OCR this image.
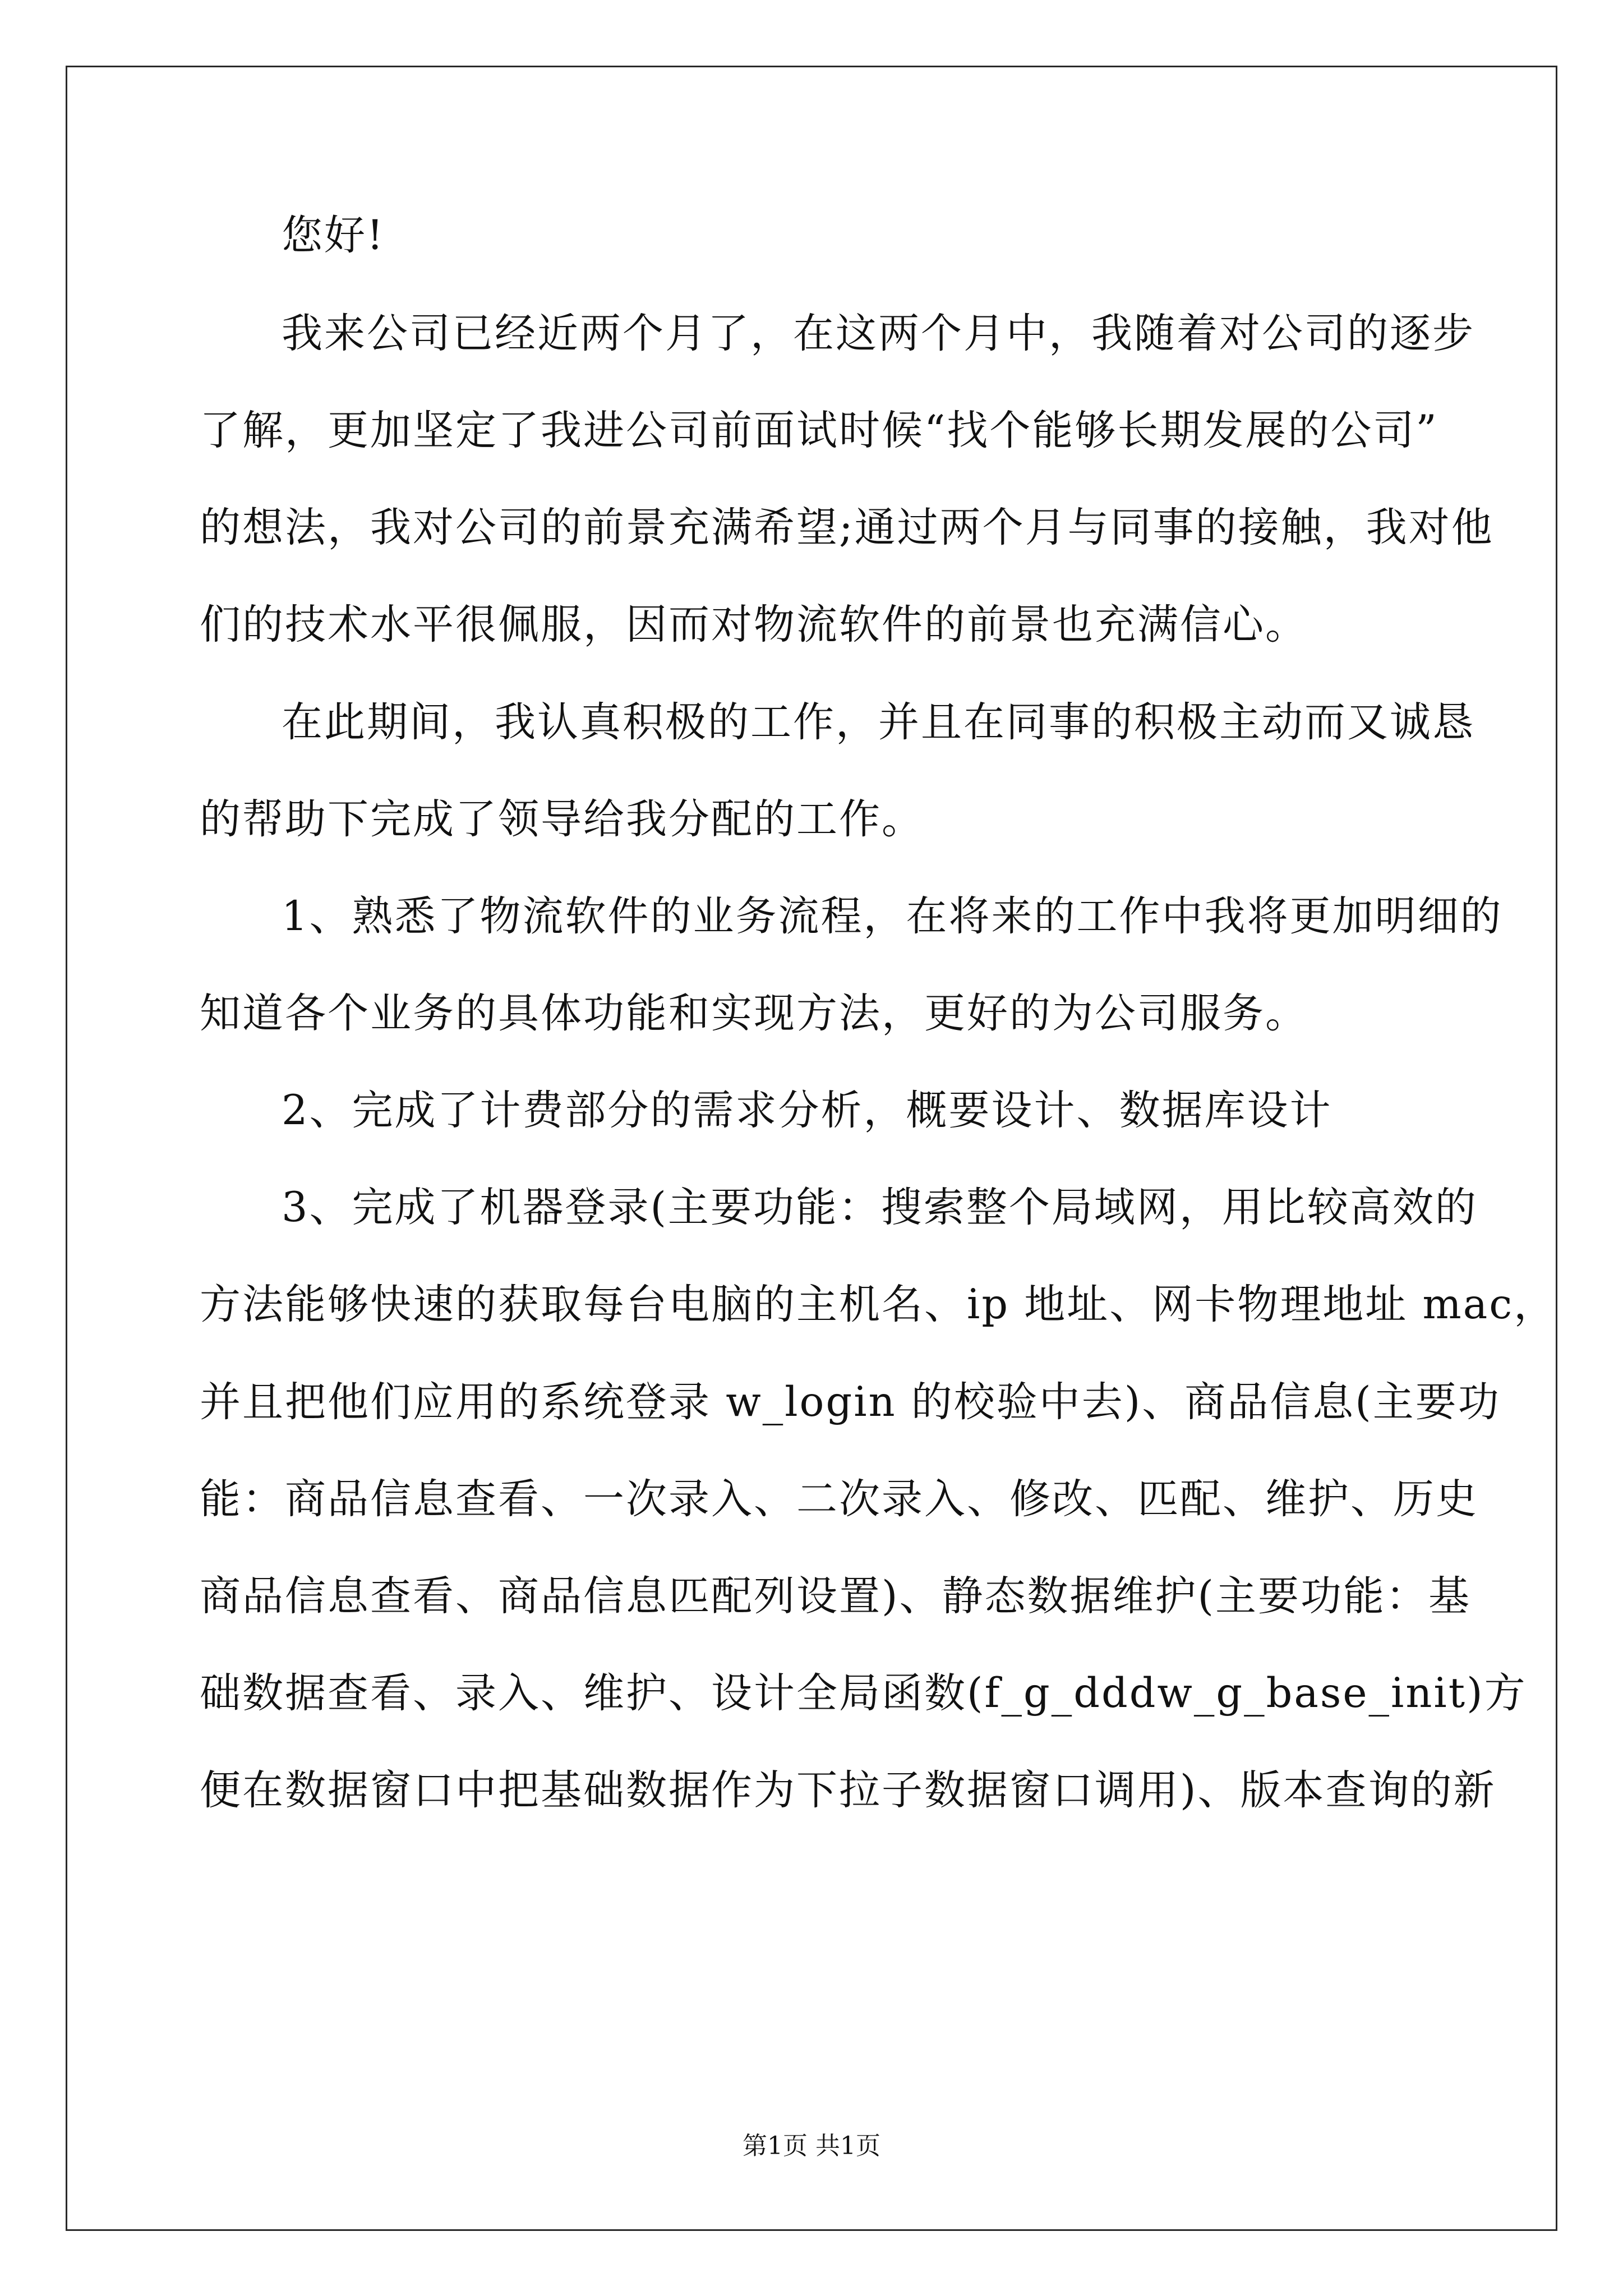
您好!
我来公司已经近两个月了，在这两个月中，我随着对公司的逐步
了解，更加坚定了我进公司前面试时候“找个能够长期发展的公司”
的想法，我对公司的前景充满希望;通过两个月与同事的接触，我对他
们的技术水平很佩服，因而对物流软件的前景也充满信心。
在此期间，我认真积极的工作，并且在同事的积极主动而又诚恳
的帮助下完成了领导给我分配的工作。
1、熟悉了物流软件的业务流程，在将来的工作中我将更加明细的
知道各个业务的具体功能和实现方法，更好的为公司服务。
2、完成了计费部分的需求分析，概要设计、数据库设计
3、完成了机器登录(主要功能：搜索整个局域网，用比较高效的
方法能够快速的获取每台电脑的主机名、ip 地址、网卡物理地址 mac，
并且把他们应用的系统登录 w_login 的校验中去)、商品信息(主要功
能：商品信息查看、一次录入、二次录入、修改、匹配、维护、历史
商品信息查看、商品信息匹配列设置)、静态数据维护(主要功能：基
础数据查看、录入、维护、设计全局函数(f_g_dddw_g_base_init)方
便在数据窗口中把基础数据作为下拉子数据窗口调用)、版本查询的新
第1页 共1页
